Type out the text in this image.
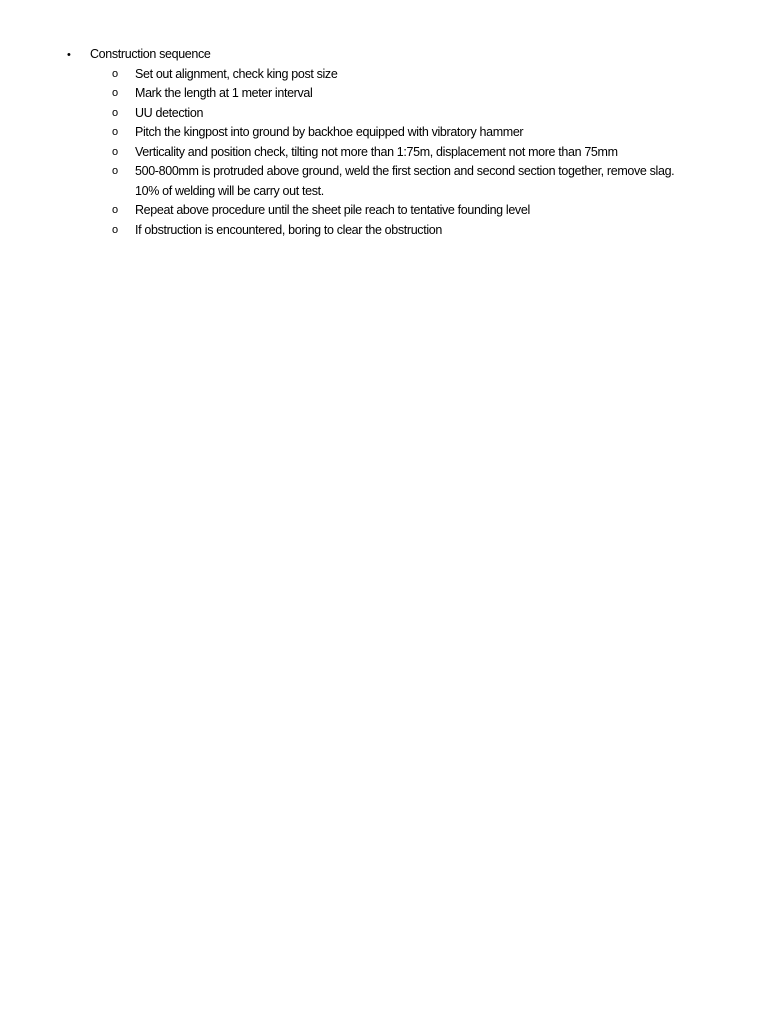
• Construction sequence
o Set out alignment, check king post size
o Mark the length at 1 meter interval
o UU detection
o Pitch the kingpost into ground by backhoe equipped with vibratory hammer
o Verticality and position check, tilting not more than 1:75m, displacement not more than 75mm
o 500-800mm is protruded above ground, weld the first section and second section together, remove slag.
10% of welding will be carry out test.
o Repeat above procedure until the sheet pile reach to tentative founding level
o If obstruction is encountered, boring to clear the obstruction
